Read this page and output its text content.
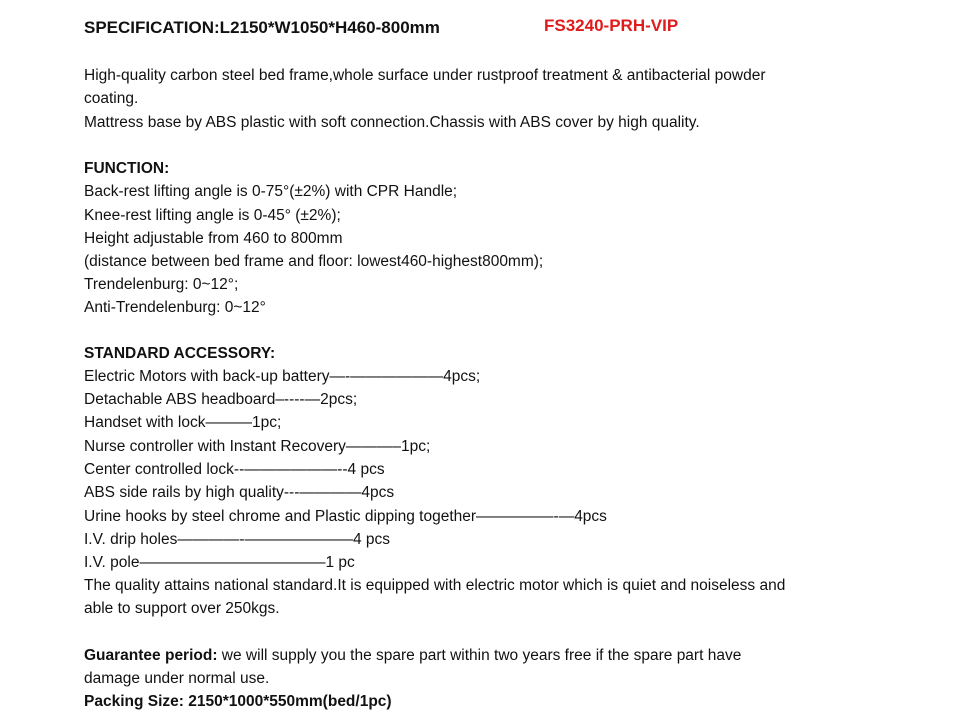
SPECIFICATION:L2150*W1050*H460-800mm	FS3240-PRH-VIP
High-quality carbon steel bed frame,whole surface under rustproof treatment & antibacterial powder
coating.
Mattress base by ABS plastic with soft connection.Chassis with ABS cover by high quality.
FUNCTION:
Back-rest lifting angle is 0-75°(±2%) with CPR Handle;
Knee-rest lifting angle is 0-45° (±2%);
Height adjustable from 460 to 800mm
(distance between bed frame and floor: lowest460-highest800mm);
Trendelenburg: 0~12°;
Anti-Trendelenburg: 0~12°
STANDARD ACCESSORY:
Electric Motors with back-up battery—-——————4pcs;
Detachable ABS headboard–----—2pcs;
Handset with lock———1pc;
Nurse controller with Instant Recovery———–1pc;
Center controlled lock--——————--4 pcs
ABS side rails by high quality---————4pcs
Urine hooks by steel chrome and Plastic dipping together—————-—4pcs
I.V. drip holes————-———————4 pcs
I.V. pole————————————1 pc
The quality attains national standard.It is equipped with electric motor which is quiet and noiseless and
able to support over 250kgs.
Guarantee period: we will supply you the spare part within two years free if the spare part have
damage under normal use.
Packing Size: 2150*1000*550mm(bed/1pc)
